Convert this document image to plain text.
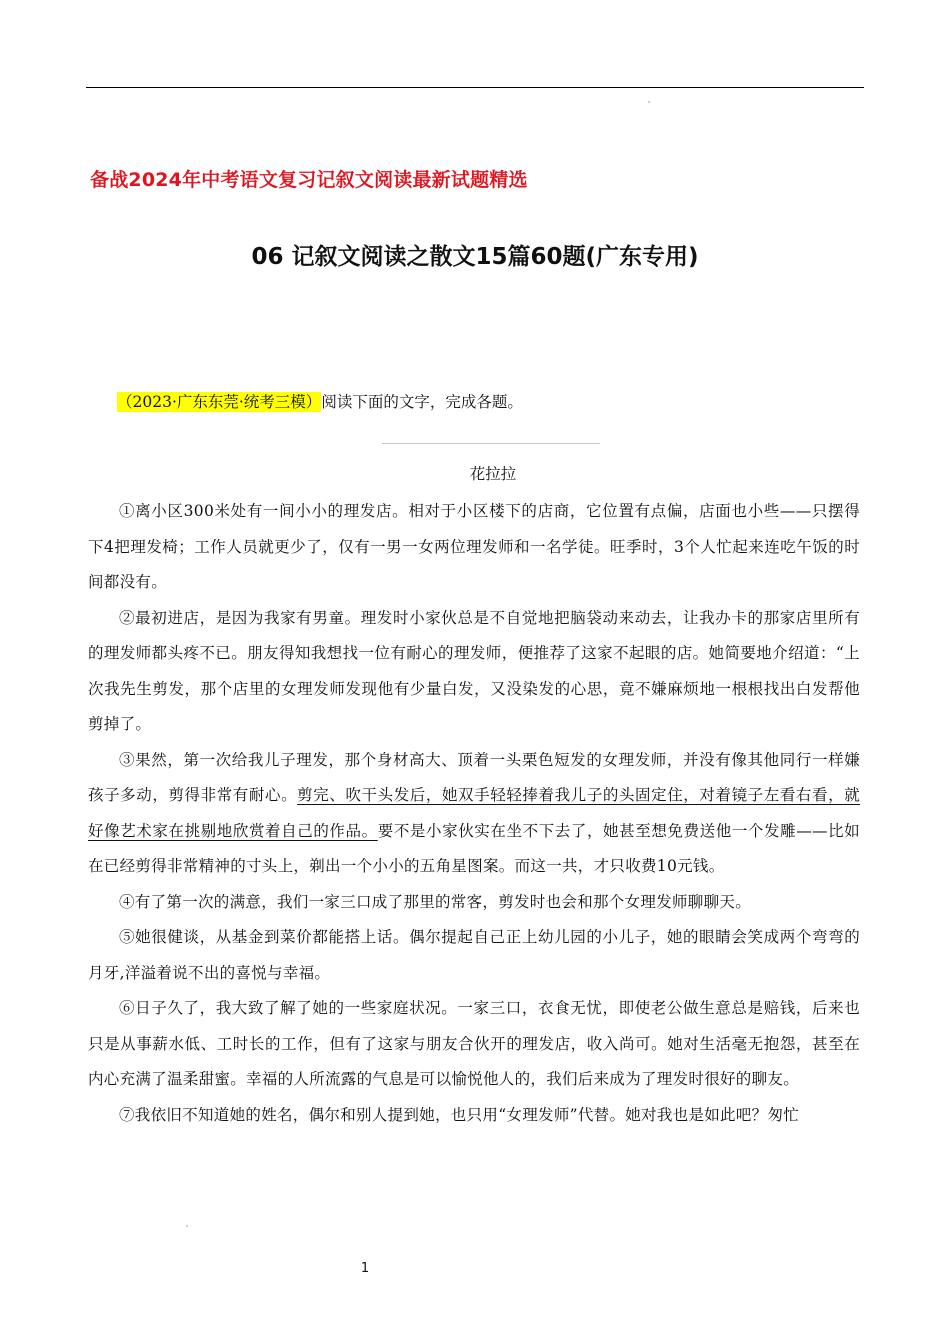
备战2024年中考语文复习记叙文阅读最新试题精选
06 记叙文阅读之散文15篇60题(广东专用)
（2023·广东东莞·统考三模）阅读下面的文字，完成各题。
花拉拉

①离小区300米处有一间小小的理发店。相对于小区楼下的店商，它位置有点偏，店面也小些——只摆得下4把理发椅；工作人员就更少了，仅有一男一女两位理发师和一名学徒。旺季时，3个人忙起来连吃午饭的时间都没有。

②最初进店，是因为我家有男童。理发时小家伙总是不自觉地把脑袋动来动去，让我办卡的那家店里所有的理发师都头疼不已。朋友得知我想找一位有耐心的理发师，便推荐了这家不起眼的店。她简要地介绍道：“上次我先生剪发，那个店里的女理发师发现他有少量白发，又没染发的心思，竟不嫌麻烦地一根根找出白发帮他剪掉了。

③果然，第一次给我儿子理发，那个身材高大、顶着一头栗色短发的女理发师，并没有像其他同行一样嫌孩子多动，剪得非常有耐心。剪完、吹干头发后，她双手轻轻捧着我儿子的头固定住，对着镜子左看右看，就好像艺术家在挑剔地欣赏着自己的作品。要不是小家伙实在坐不下去了，她甚至想免费送他一个发雕——比如在已经剪得非常精神的寸头上，剃出一个小小的五角星图案。而这一共，才只收费10元钱。

④有了第一次的满意，我们一家三口成了那里的常客，剪发时也会和那个女理发师聊聊天。

⑤她很健谈，从基金到菜价都能搭上话。偶尔提起自己正上幼儿园的小儿子，她的眼睛会笑成两个弯弯的月牙,洋溢着说不出的喜悦与幸福。

⑥日子久了，我大致了解了她的一些家庭状况。一家三口，衣食无忧，即使老公做生意总是赔钱，后来也只是从事薪水低、工时长的工作，但有了这家与朋友合伙开的理发店，收入尚可。她对生活毫无抱怨，甚至在内心充满了温柔甜蜜。幸福的人所流露的气息是可以愉悦他人的，我们后来成为了理发时很好的聊友。

⑦我依旧不知道她的姓名，偶尔和别人提到她，也只用“女理发师”代替。她对我也是如此吧？匆忙

1
